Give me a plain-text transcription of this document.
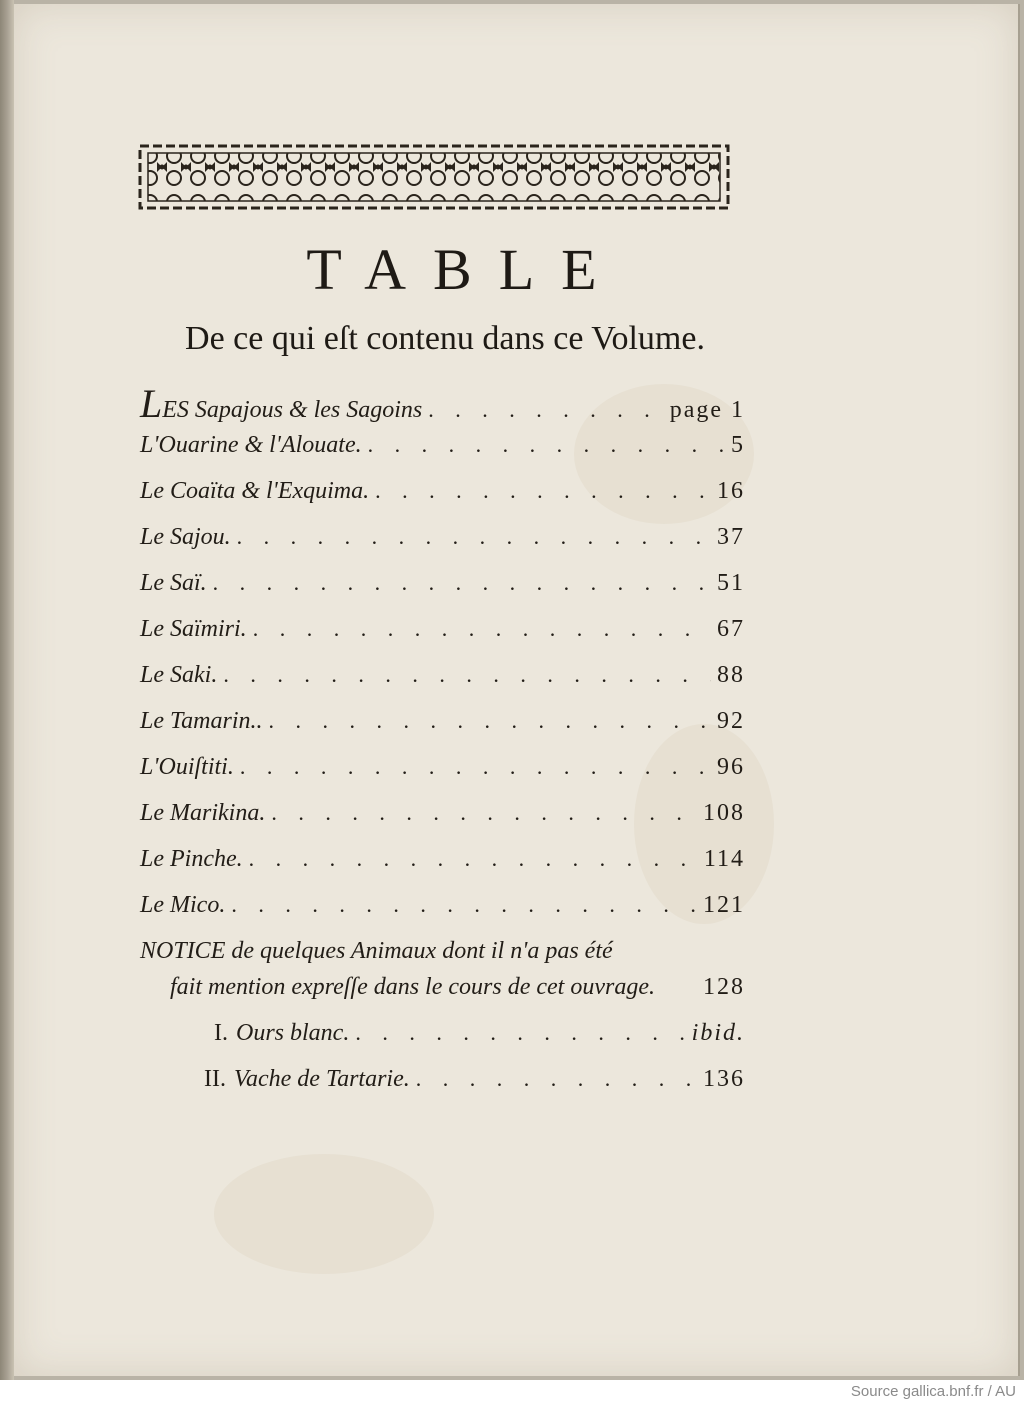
TABLE
De ce qui eſt contenu dans ce Volume.
LES Sapajous & les Sagoins . . .	page 1
L'Ouarine & l'Alouate. . . .	5
Le Coaïta & l'Exquima. . . .	16
Le Sajou. . . .	37
Le Saï. . . .	51
Le Saïmiri. . . .	67
Le Saki. . . .	88
Le Tamarin.. . . .	92
L'Ouiſtiti. . . .	96
Le Marikina. . . .	108
Le Pinche. . . .	114
Le Mico. . . .	121
NOTICE de quelques Animaux dont il n'a pas été
fait mention expreſſe dans le cours de cet ouvrage. 128
I. Ours blanc. . . .	ibid.
II. Vache de Tartarie. . . .	136
Source gallica.bnf.fr / AU
